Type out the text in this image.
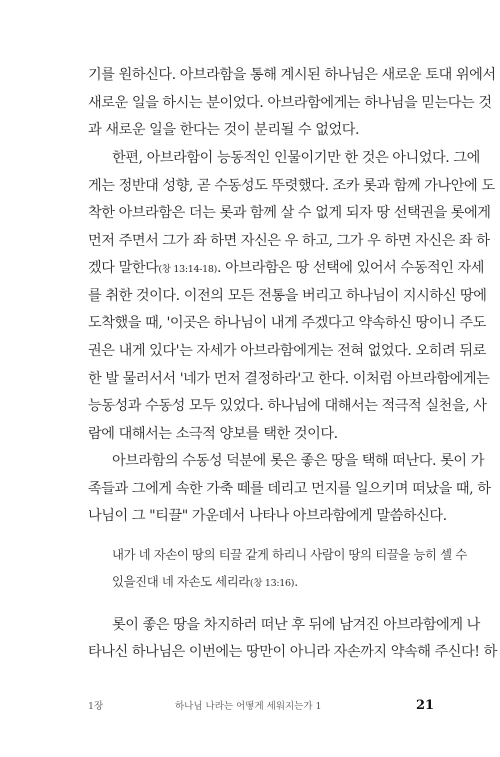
기를 원하신다. 아브라함을 통해 계시된 하나님은 새로운 토대 위에서
새로운 일을 하시는 분이었다. 아브라함에게는 하나님을 믿는다는 것
과 새로운 일을 한다는 것이 분리될 수 없었다.
한편, 아브라함이 능동적인 인물이기만 한 것은 아니었다. 그에
게는 정반대 성향, 곧 수동성도 뚜렷했다. 조카 롯과 함께 가나안에 도
착한 아브라함은 더는 롯과 함께 살 수 없게 되자 땅 선택권을 롯에게
먼저 주면서 그가 좌 하면 자신은 우 하고, 그가 우 하면 자신은 좌 하
겠다 말한다(창 13:14-18). 아브라함은 땅 선택에 있어서 수동적인 자세
를 취한 것이다. 이전의 모든 전통을 버리고 하나님이 지시하신 땅에
도착했을 때, '이곳은 하나님이 내게 주겠다고 약속하신 땅이니 주도
권은 내게 있다'는 자세가 아브라함에게는 전혀 없었다. 오히려 뒤로
한 발 물러서서 '네가 먼저 결정하라'고 한다. 이처럼 아브라함에게는
능동성과 수동성 모두 있었다. 하나님에 대해서는 적극적 실천을, 사
람에 대해서는 소극적 양보를 택한 것이다.
아브라함의 수동성 덕분에 롯은 좋은 땅을 택해 떠난다. 롯이 가
족들과 그에게 속한 가축 떼를 데리고 먼지를 일으키며 떠났을 때, 하
나님이 그 "티끌" 가운데서 나타나 아브라함에게 말씀하신다.
내가 네 자손이 땅의 티끌 같게 하리니 사람이 땅의 티끌을 능히 셀 수
있을진대 네 자손도 세리라(창 13:16).
롯이 좋은 땅을 차지하러 떠난 후 뒤에 남겨진 아브라함에게 나
타나신 하나님은 이번에는 땅만이 아니라 자손까지 약속해 주신다! 하
1장	하나님 나라는 어떻게 세워지는가 1	21
